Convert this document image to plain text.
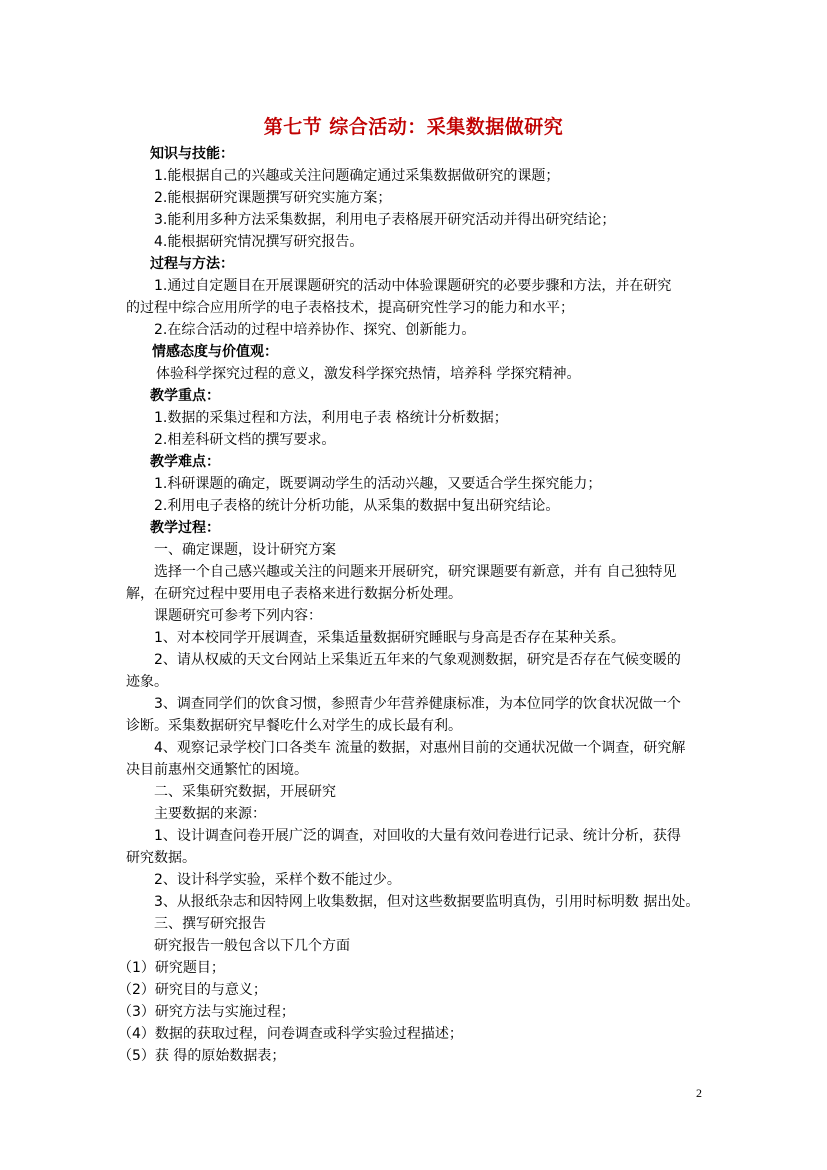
第七节 综合活动：采集数据做研究
知识与技能：
1.能根据自己的兴趣或关注问题确定通过采集数据做研究的课题；
2.能根据研究课题撰写研究实施方案；
3.能利用多种方法采集数据，利用电子表格展开研究活动并得出研究结论；
4.能根据研究情况撰写研究报告。
过程与方法：
1.通过自定题目在开展课题研究的活动中体验课题研究的必要步骤和方法，并在研究
的过程中综合应用所学的电子表格技术，提高研究性学习的能力和水平；
2.在综合活动的过程中培养协作、探究、创新能力。
情感态度与价值观：
体验科学探究过程的意义，激发科学探究热情，培养科 学探究精神。
教学重点：
1.数据的采集过程和方法，利用电子表 格统计分析数据；
2.相差科研文档的撰写要求。
教学难点：
1.科研课题的确定，既要调动学生的活动兴趣，又要适合学生探究能力；
2.利用电子表格的统计分析功能，从采集的数据中复出研究结论。
教学过程：
一、确定课题，设计研究方案
选择一个自己感兴趣或关注的问题来开展研究，研究课题要有新意，并有 自己独特见
解，在研究过程中要用电子表格来进行数据分析处理。
课题研究可参考下列内容：
1、对本校同学开展调查，采集适量数据研究睡眠与身高是否存在某种关系。
2、请从权威的天文台网站上采集近五年来的气象观测数据，研究是否存在气候变暖的
迹象。
3、调查同学们的饮食习惯，参照青少年营养健康标准，为本位同学的饮食状况做一个
诊断。采集数据研究早餐吃什么对学生的成长最有利。
4、观察记录学校门口各类车 流量的数据，对惠州目前的交通状况做一个调查，研究解
决目前惠州交通繁忙的困境。
二、采集研究数据，开展研究
主要数据的来源：
1、设计调查问卷开展广泛的调查，对回收的大量有效问卷进行记录、统计分析，获得
研究数据。
2、设计科学实验，采样个数不能过少。
3、从报纸杂志和因特网上收集数据，但对这些数据要监明真伪，引用时标明数 据出处。
三、撰写研究报告
研究报告一般包含以下几个方面
（1）研究题目；
（2）研究目的与意义；
（3）研究方法与实施过程；
（4）数据的获取过程，问卷调查或科学实验过程描述；
（5）获 得的原始数据表；
2
